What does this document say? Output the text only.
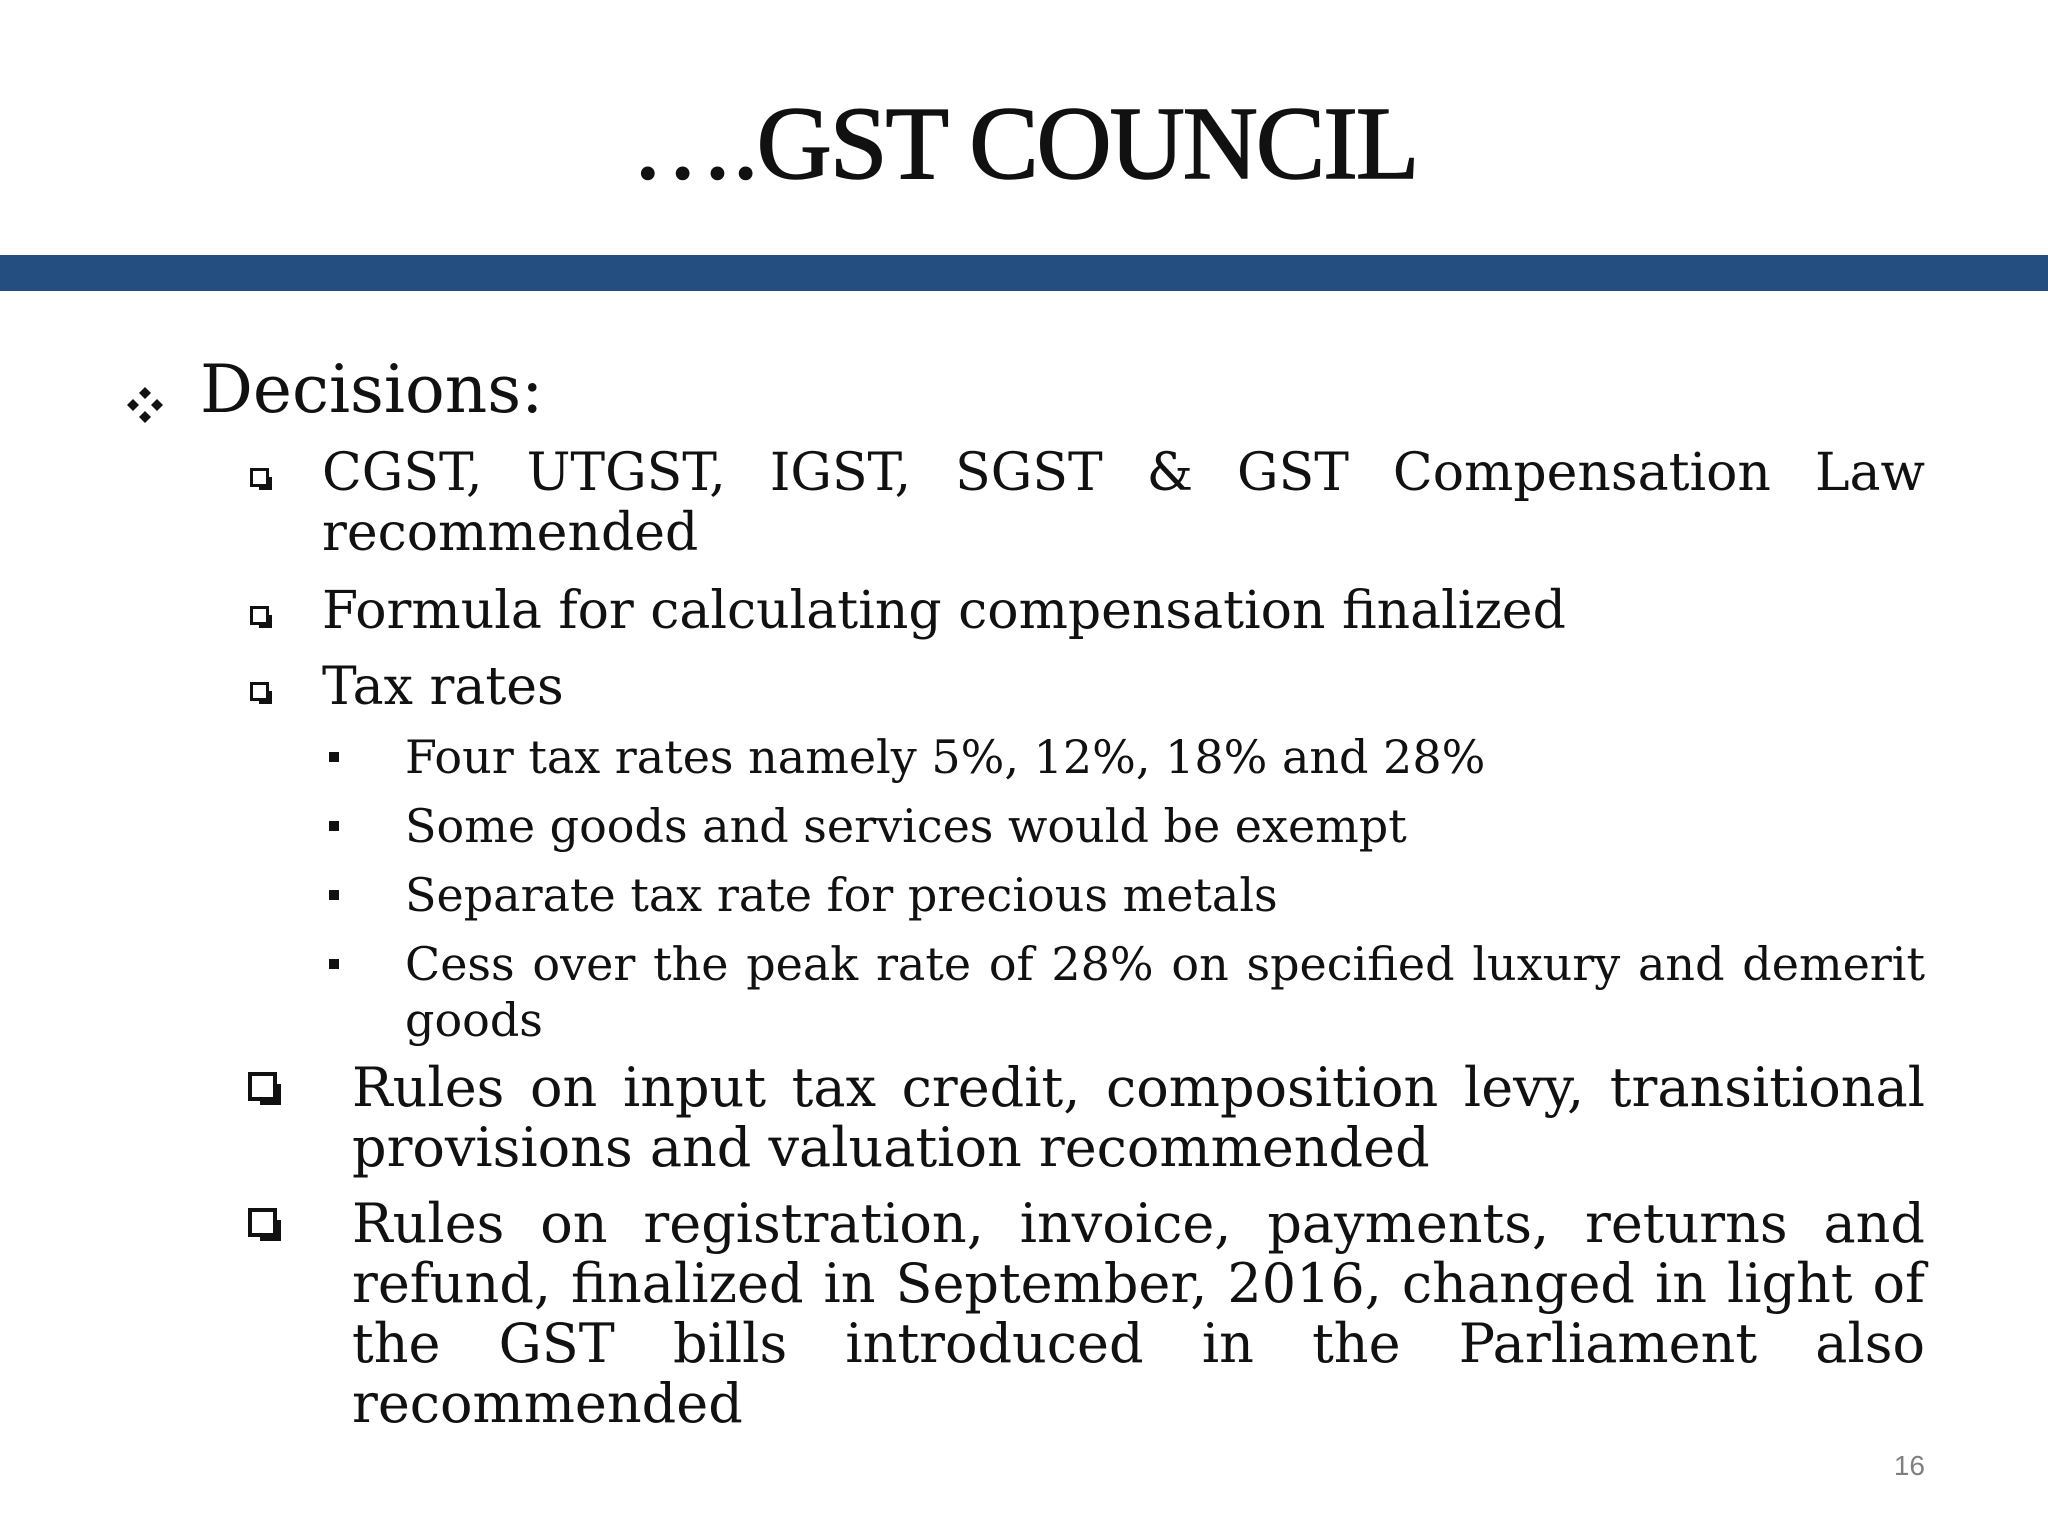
….GST COUNCIL
Decisions:
CGST, UTGST, IGST, SGST & GST Compensation Law recommended
Formula for calculating compensation finalized
Tax rates
Four tax rates namely 5%, 12%, 18% and 28%
Some goods and services would be exempt
Separate tax rate for precious metals
Cess over the peak rate of 28% on specified luxury and demerit goods
Rules on input tax credit, composition levy, transitional provisions and valuation recommended
Rules on registration, invoice, payments, returns and refund, finalized in September, 2016, changed in light of the GST bills introduced in the Parliament also recommended
16
